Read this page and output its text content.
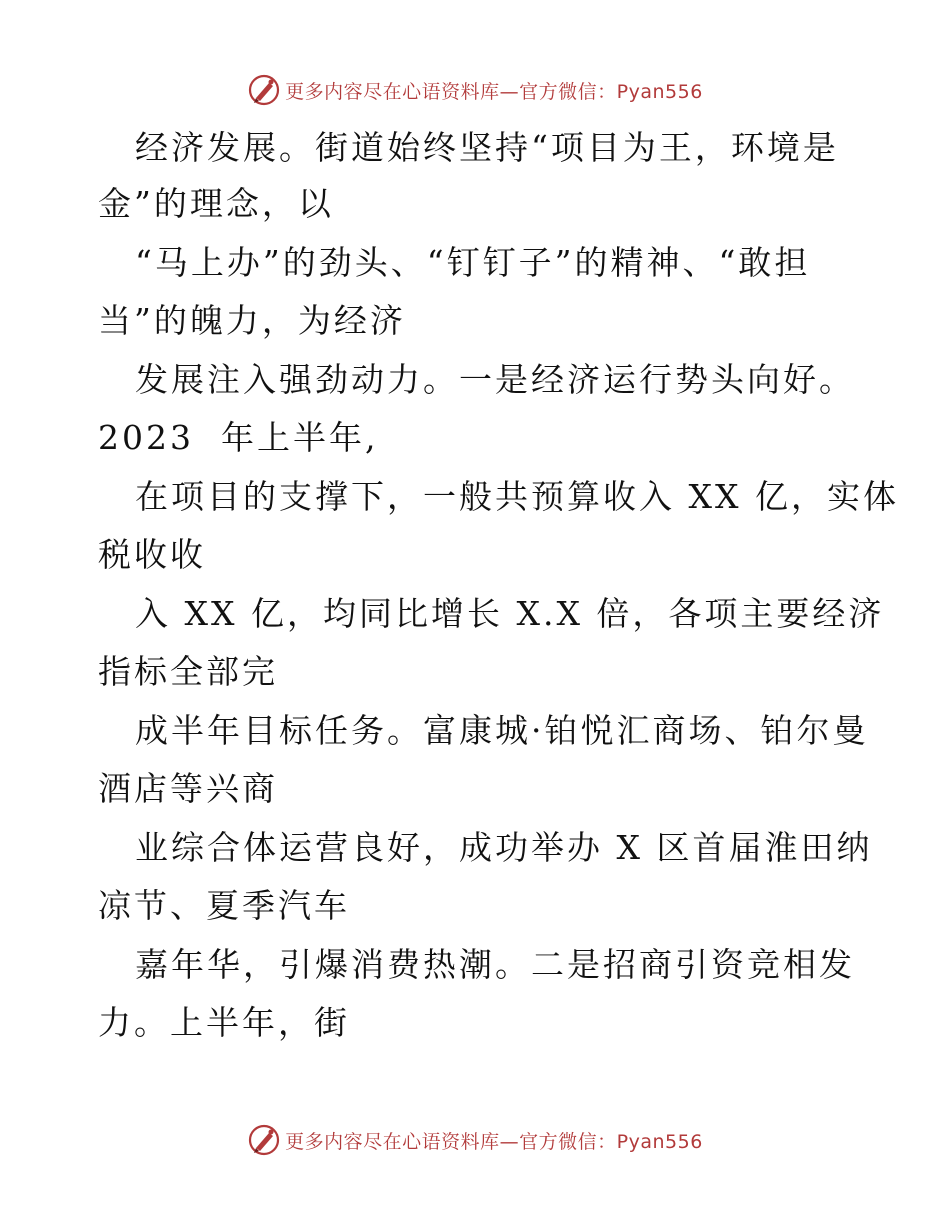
更多内容尽在心语资料库—官方微信：Pyan556
经济发展。街道始终坚持“项目为王，环境是
金”的理念，以
“马上办”的劲头、“钉钉子”的精神、“敢担
当”的魄力，为经济
发展注入强劲动力。一是经济运行势头向好。
2023  年上半年,
在项目的支撑下，一般共预算收入 XX 亿，实体
税收收
入 XX 亿，均同比增长 X.X 倍，各项主要经济
指标全部完
成半年目标任务。富康城·铂悦汇商场、铂尔曼
酒店等兴商
业综合体运营良好，成功举办 X 区首届淮田纳
凉节、夏季汽车
嘉年华，引爆消费热潮。二是招商引资竞相发
力。上半年，街
更多内容尽在心语资料库—官方微信：Pyan556
